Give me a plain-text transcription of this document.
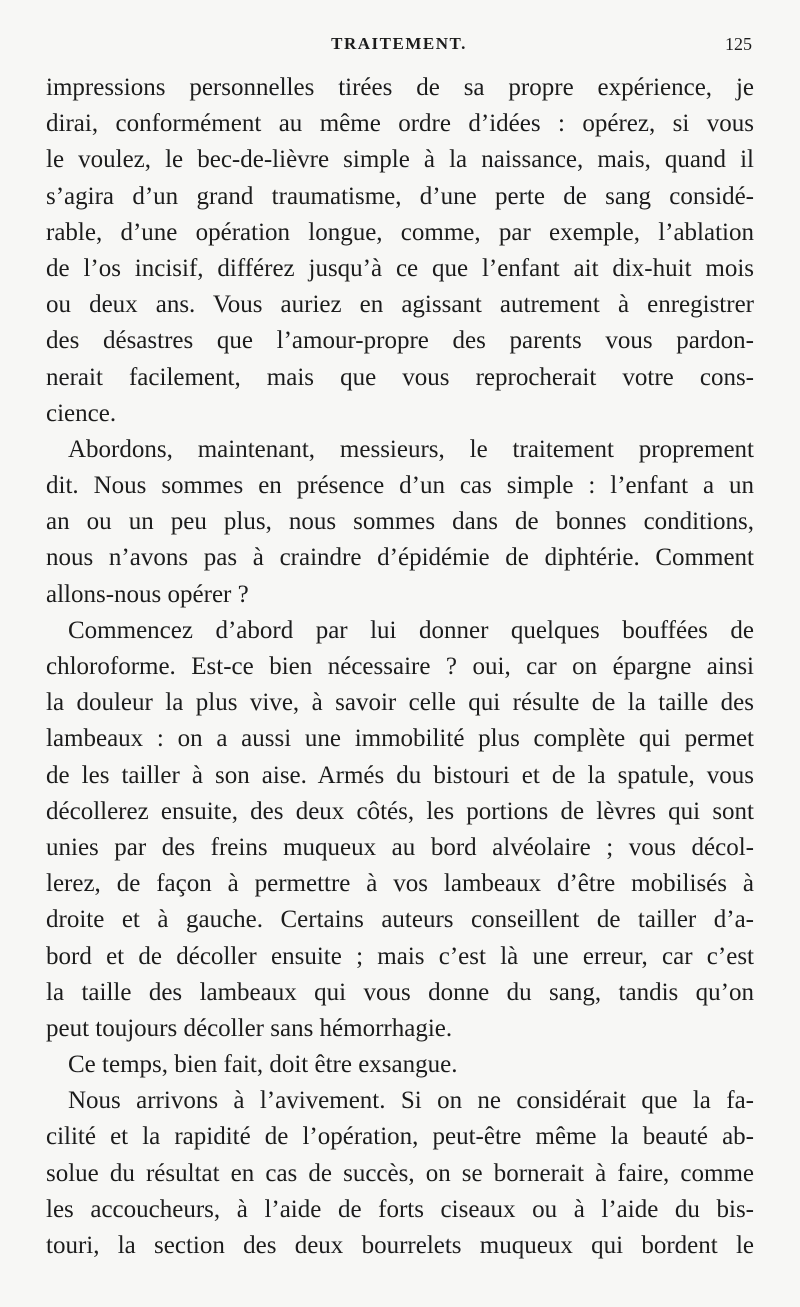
TRAITEMENT.	125
impressions personnelles tirées de sa propre expérience, je
dirai, conformément au même ordre d’idées : opérez, si vous
le voulez, le bec-de-lièvre simple à la naissance, mais, quand il
s’agira d’un grand traumatisme, d’une perte de sang considé-
rable, d’une opération longue, comme, par exemple, l’ablation
de l’os incisif, différez jusqu’à ce que l’enfant ait dix-huit mois
ou deux ans. Vous auriez en agissant autrement à enregistrer
des désastres que l’amour-propre des parents vous pardon-
nerait facilement, mais que vous reprocherait votre cons-
cience.
Abordons, maintenant, messieurs, le traitement proprement
dit. Nous sommes en présence d’un cas simple : l’enfant a un
an ou un peu plus, nous sommes dans de bonnes conditions,
nous n’avons pas à craindre d’épidémie de diphtérie. Comment
allons-nous opérer ?
Commencez d’abord par lui donner quelques bouffées de
chloroforme. Est-ce bien nécessaire ? oui, car on épargne ainsi
la douleur la plus vive, à savoir celle qui résulte de la taille des
lambeaux : on a aussi une immobilité plus complète qui permet
de les tailler à son aise. Armés du bistouri et de la spatule, vous
décollerez ensuite, des deux côtés, les portions de lèvres qui sont
unies par des freins muqueux au bord alvéolaire ; vous décol-
lerez, de façon à permettre à vos lambeaux d’être mobilisés à
droite et à gauche. Certains auteurs conseillent de tailler d’a-
bord et de décoller ensuite ; mais c’est là une erreur, car c’est
la taille des lambeaux qui vous donne du sang, tandis qu’on
peut toujours décoller sans hémorrhagie.
Ce temps, bien fait, doit être exsangue.
Nous arrivons à l’avivement. Si on ne considérait que la fa-
cilité et la rapidité de l’opération, peut-être même la beauté ab-
solue du résultat en cas de succès, on se bornerait à faire, comme
les accoucheurs, à l’aide de forts ciseaux ou à l’aide du bis-
touri, la section des deux bourrelets muqueux qui bordent le
